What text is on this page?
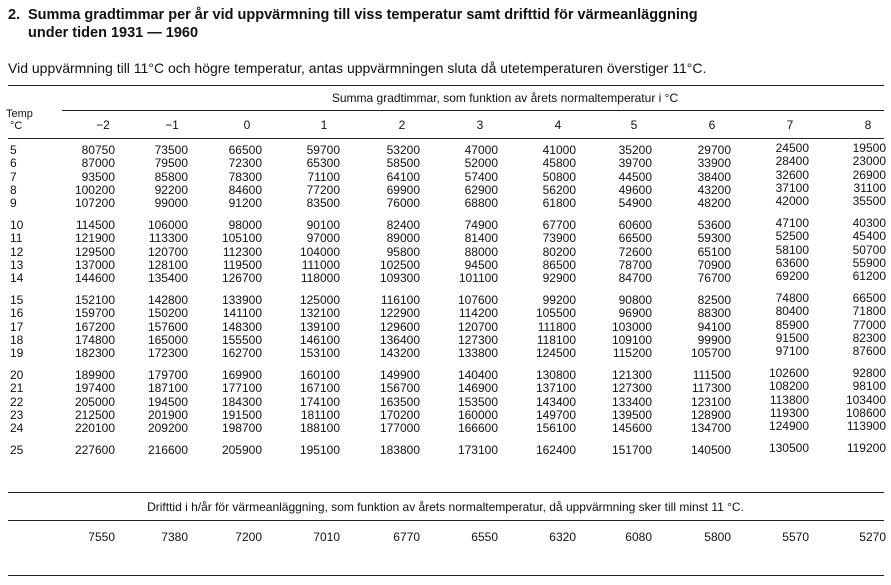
2. Summa gradtimmar per år vid uppvärmning till viss temperatur samt drifttid för värmeanläggning
under tiden 1931 — 1960
Vid uppvärmning till 11°C och högre temperatur, antas uppvärmningen sluta då utetemperaturen överstiger 11°C.
Summa gradtimmar, som funktion av årets normaltemperatur i °C
Temp
°C	−2	−1	0	1	2	3	4	5	6	7	8
5	80750	73500	66500	59700	53200	47000	41000	35200	29700	24500	19500
6	87000	79500	72300	65300	58500	52000	45800	39700	33900	28400	23000
7	93500	85800	78300	71100	64100	57400	50800	44500	38400	32600	26900
8	100200	92200	84600	77200	69900	62900	56200	49600	43200	37100	31100
9	107200	99000	91200	83500	76000	68800	61800	54900	48200	42000	35500
10	114500	106000	98000	90100	82400	74900	67700	60600	53600	47100	40300
11	121900	113300	105100	97000	89000	81400	73900	66500	59300	52500	45400
12	129500	120700	112300	104000	95800	88000	80200	72600	65100	58100	50700
13	137000	128100	119500	111000	102500	94500	86500	78700	70900	63600	55900
14	144600	135400	126700	118000	109300	101100	92900	84700	76700	69200	61200
15	152100	142800	133900	125000	116100	107600	99200	90800	82500	74800	66500
16	159700	150200	141100	132100	122900	114200	105500	96900	88300	80400	71800
17	167200	157600	148300	139100	129600	120700	111800	103000	94100	85900	77000
18	174800	165000	155500	146100	136400	127300	118100	109100	99900	91500	82300
19	182300	172300	162700	153100	143200	133800	124500	115200	105700	97100	87600
20	189900	179700	169900	160100	149900	140400	130800	121300	111500	102600	92800
21	197400	187100	177100	167100	156700	146900	137100	127300	117300	108200	98100
22	205000	194500	184300	174100	163500	153500	143400	133400	123100	113800	103400
23	212500	201900	191500	181100	170200	160000	149700	139500	128900	119300	108600
24	220100	209200	198700	188100	177000	166600	156100	145600	134700	124900	113900
25	227600	216600	205900	195100	183800	173100	162400	151700	140500	130500	119200
Drifttid i h/år för värmeanläggning, som funktion av årets normaltemperatur, då uppvärmning sker till minst 11 °C.
7550	7380	7200	7010	6770	6550	6320	6080	5800	5570	5270
